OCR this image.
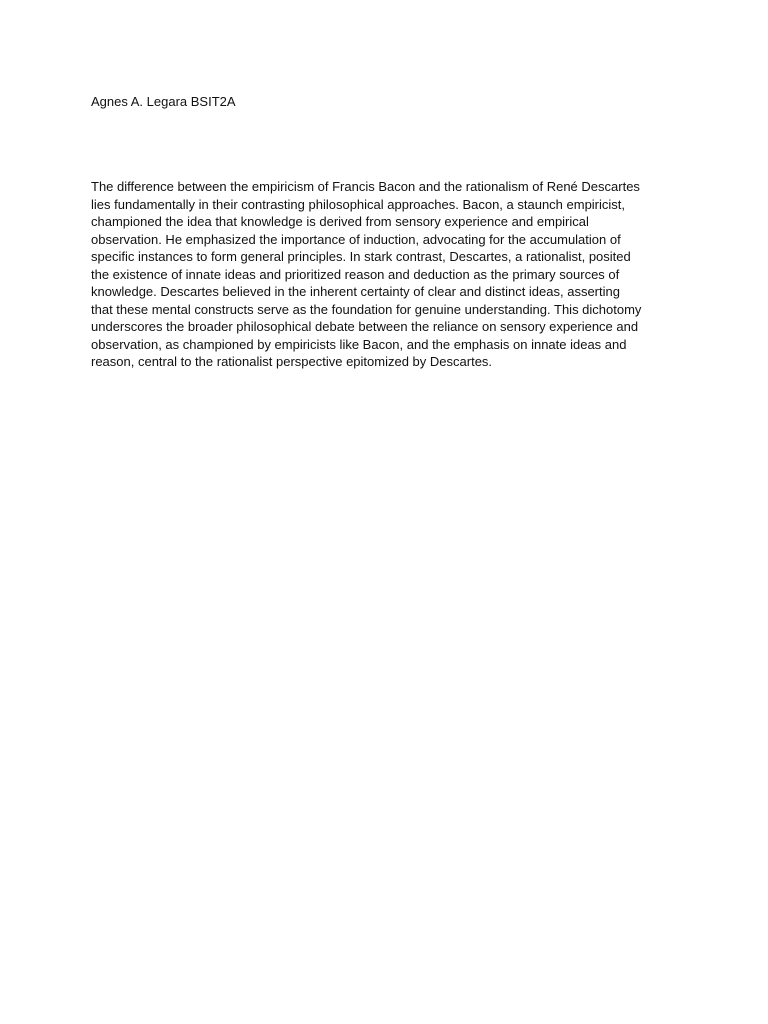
Agnes A. Legara BSIT2A

The difference between the empiricism of Francis Bacon and the rationalism of René Descartes
lies fundamentally in their contrasting philosophical approaches. Bacon, a staunch empiricist,
championed the idea that knowledge is derived from sensory experience and empirical
observation. He emphasized the importance of induction, advocating for the accumulation of
specific instances to form general principles. In stark contrast, Descartes, a rationalist, posited
the existence of innate ideas and prioritized reason and deduction as the primary sources of
knowledge. Descartes believed in the inherent certainty of clear and distinct ideas, asserting
that these mental constructs serve as the foundation for genuine understanding. This dichotomy
underscores the broader philosophical debate between the reliance on sensory experience and
observation, as championed by empiricists like Bacon, and the emphasis on innate ideas and
reason, central to the rationalist perspective epitomized by Descartes.
